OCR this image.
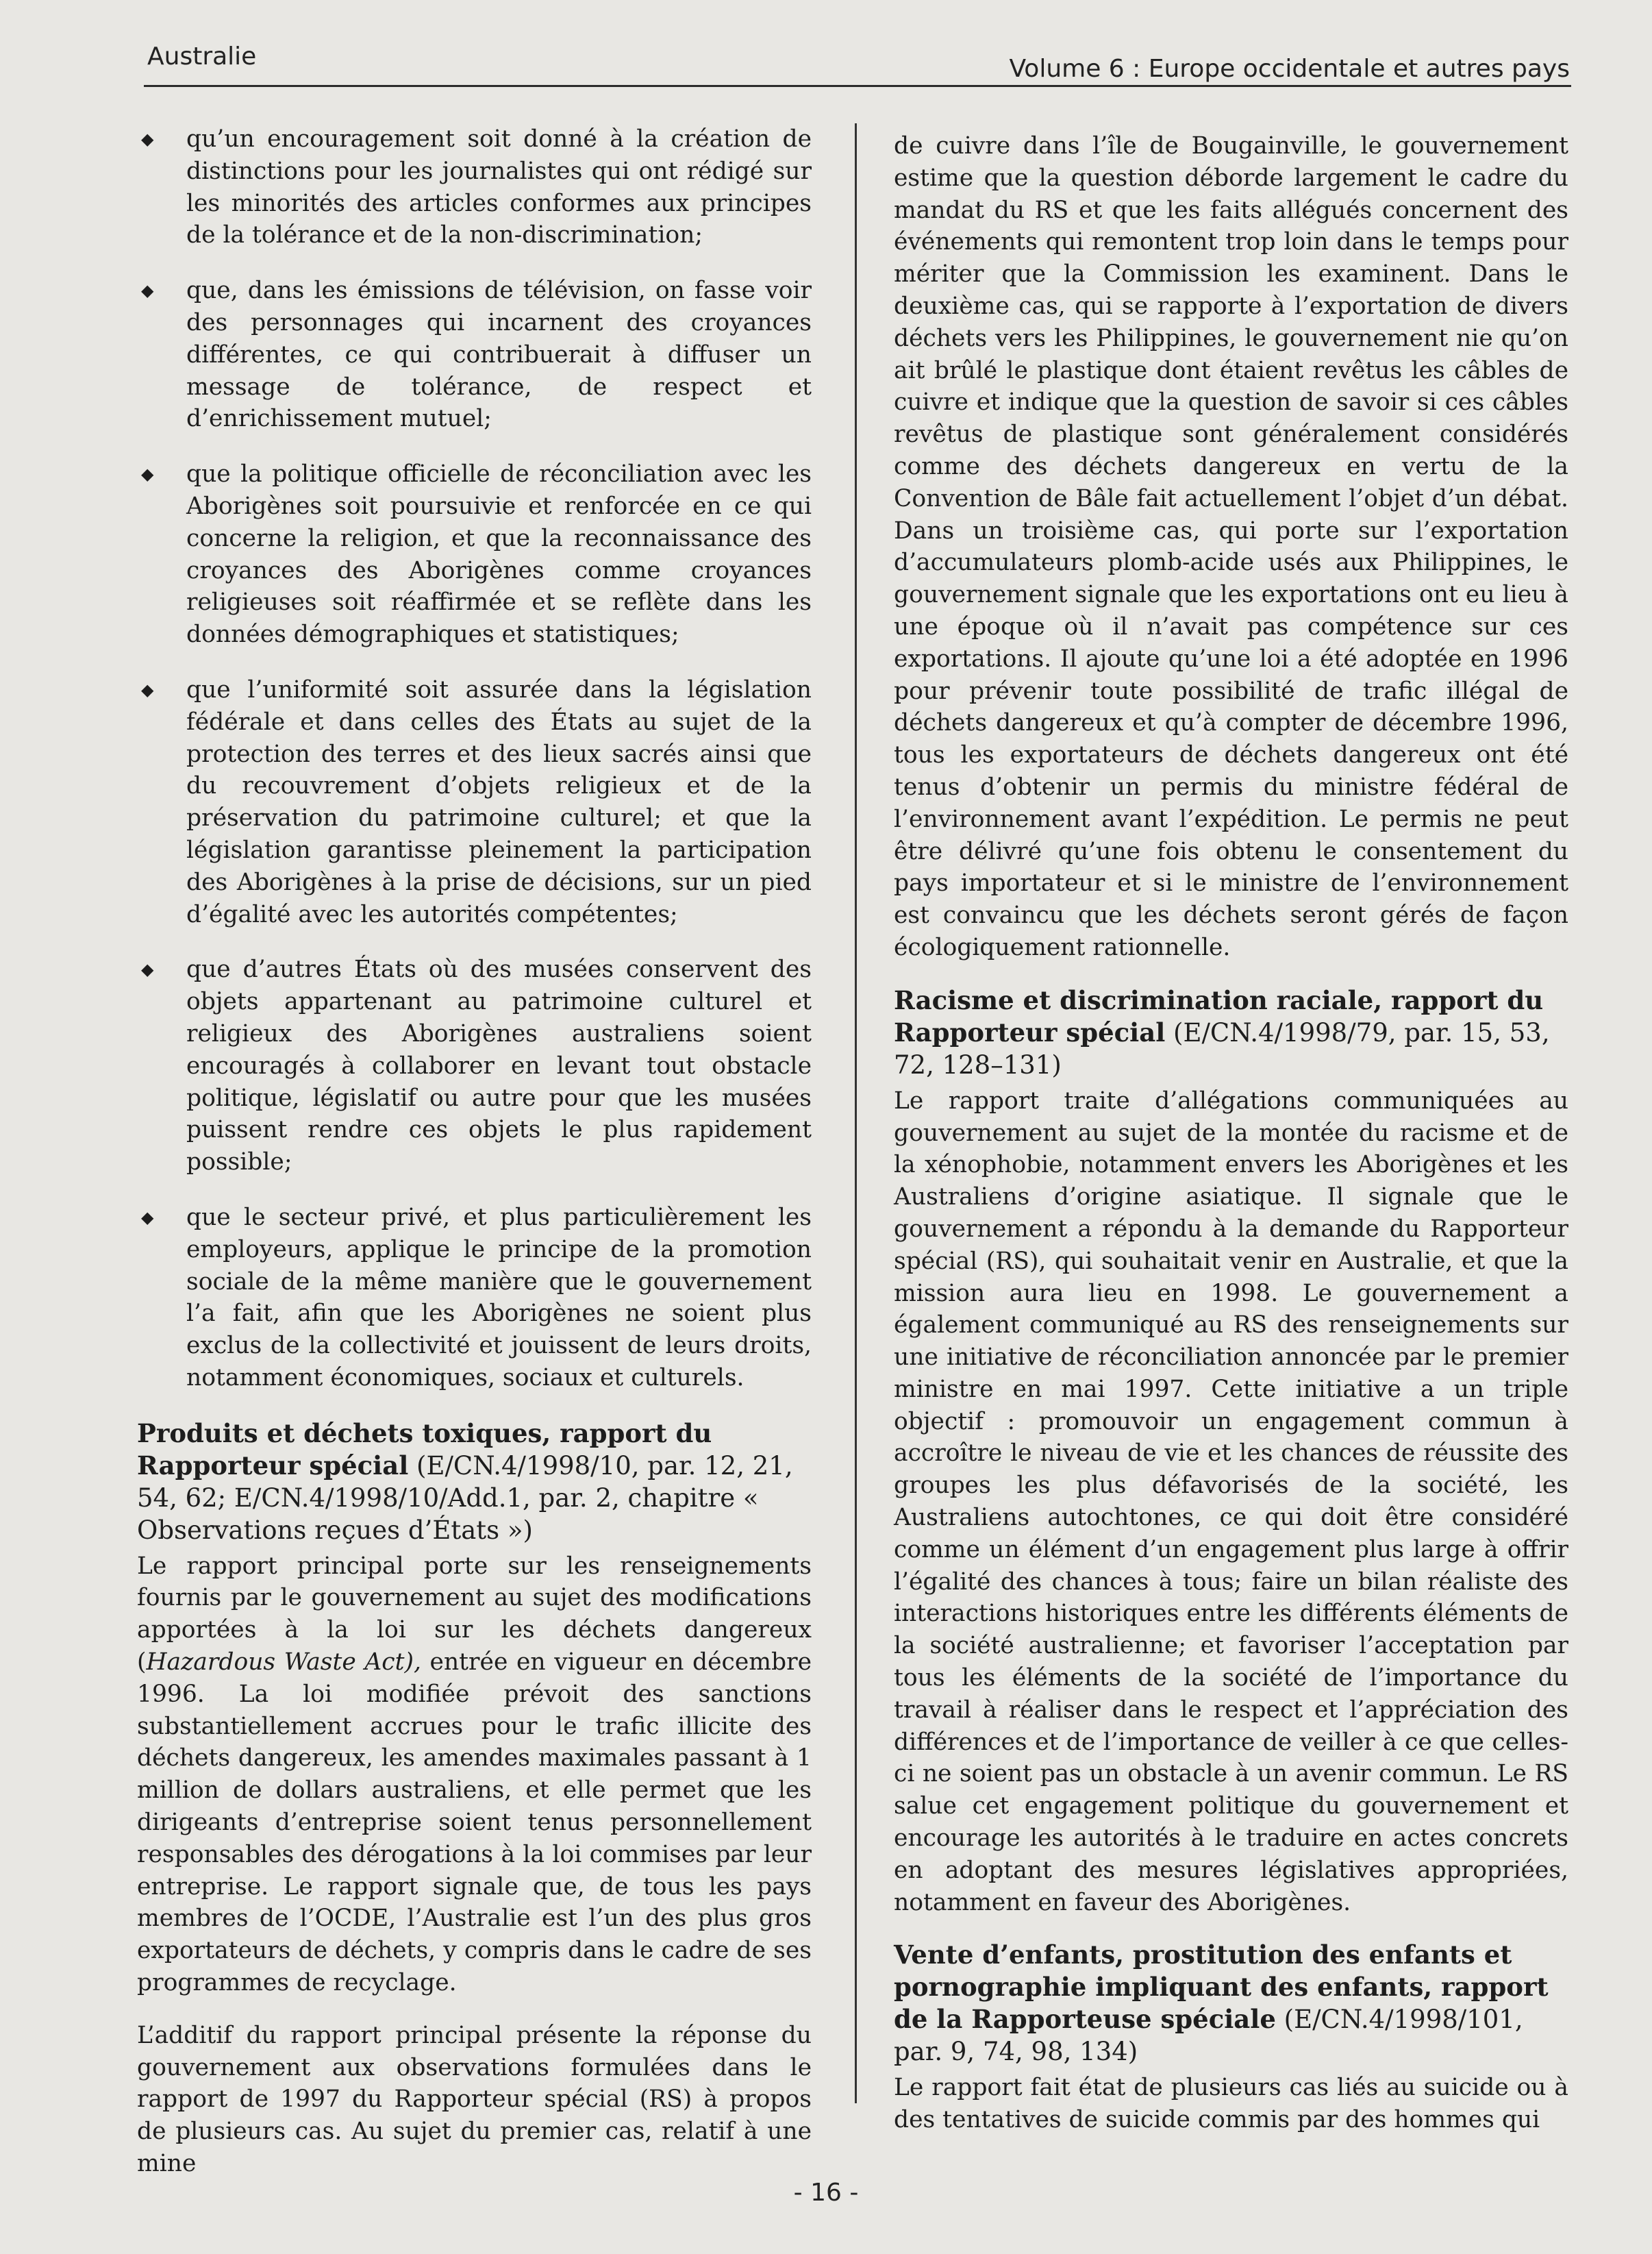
Australie	Volume 6 : Europe occidentale et autres pays
◆ qu’un encouragement soit donné à la création de distinctions pour les journalistes qui ont rédigé sur les minorités des articles conformes aux principes de la tolérance et de la non-discrimination;
◆ que, dans les émissions de télévision, on fasse voir des personnages qui incarnent des croyances différentes, ce qui contribuerait à diffuser un message de tolérance, de respect et d’enrichissement mutuel;
◆ que la politique officielle de réconciliation avec les Aborigènes soit poursuivie et renforcée en ce qui concerne la religion, et que la reconnaissance des croyances des Aborigènes comme croyances religieuses soit réaffirmée et se reflète dans les données démographiques et statistiques;
◆ que l’uniformité soit assurée dans la législation fédérale et dans celles des États au sujet de la protection des terres et des lieux sacrés ainsi que du recouvrement d’objets religieux et de la préservation du patrimoine culturel; et que la législation garantisse pleinement la participation des Aborigènes à la prise de décisions, sur un pied d’égalité avec les autorités compétentes;
◆ que d’autres États où des musées conservent des objets appartenant au patrimoine culturel et religieux des Aborigènes australiens soient encouragés à collaborer en levant tout obstacle politique, législatif ou autre pour que les musées puissent rendre ces objets le plus rapidement possible;
◆ que le secteur privé, et plus particulièrement les employeurs, applique le principe de la promotion sociale de la même manière que le gouvernement l’a fait, afin que les Aborigènes ne soient plus exclus de la collectivité et jouissent de leurs droits, notamment économiques, sociaux et culturels.
Produits et déchets toxiques, rapport du Rapporteur spécial (E/CN.4/1998/10, par. 12, 21, 54, 62; E/CN.4/1998/10/Add.1, par. 2, chapitre « Observations reçues d’États »)

Le rapport principal porte sur les renseignements fournis par le gouvernement au sujet des modifications apportées à la loi sur les déchets dangereux (Hazardous Waste Act), entrée en vigueur en décembre 1996. La loi modifiée prévoit des sanctions substantiellement accrues pour le trafic illicite des déchets dangereux, les amendes maximales passant à 1 million de dollars australiens, et elle permet que les dirigeants d’entreprise soient tenus personnellement responsables des dérogations à la loi commises par leur entreprise. Le rapport signale que, de tous les pays membres de l’OCDE, l’Australie est l’un des plus gros exportateurs de déchets, y compris dans le cadre de ses programmes de recyclage.

L’additif du rapport principal présente la réponse du gouvernement aux observations formulées dans le rapport de 1997 du Rapporteur spécial (RS) à propos de plusieurs cas. Au sujet du premier cas, relatif à une mine

de cuivre dans l’île de Bougainville, le gouvernement estime que la question déborde largement le cadre du mandat du RS et que les faits allégués concernent des événements qui remontent trop loin dans le temps pour mériter que la Commission les examinent. Dans le deuxième cas, qui se rapporte à l’exportation de divers déchets vers les Philippines, le gouvernement nie qu’on ait brûlé le plastique dont étaient revêtus les câbles de cuivre et indique que la question de savoir si ces câbles revêtus de plastique sont généralement considérés comme des déchets dangereux en vertu de la Convention de Bâle fait actuellement l’objet d’un débat. Dans un troisième cas, qui porte sur l’exportation d’accumulateurs plomb-acide usés aux Philippines, le gouvernement signale que les exportations ont eu lieu à une époque où il n’avait pas compétence sur ces exportations. Il ajoute qu’une loi a été adoptée en 1996 pour prévenir toute possibilité de trafic illégal de déchets dangereux et qu’à compter de décembre 1996, tous les exportateurs de déchets dangereux ont été tenus d’obtenir un permis du ministre fédéral de l’environnement avant l’expédition. Le permis ne peut être délivré qu’une fois obtenu le consentement du pays importateur et si le ministre de l’environnement est convaincu que les déchets seront gérés de façon écologiquement rationnelle.

Racisme et discrimination raciale, rapport du Rapporteur spécial (E/CN.4/1998/79, par. 15, 53, 72, 128–131)

Le rapport traite d’allégations communiquées au gouvernement au sujet de la montée du racisme et de la xénophobie, notamment envers les Aborigènes et les Australiens d’origine asiatique. Il signale que le gouvernement a répondu à la demande du Rapporteur spécial (RS), qui souhaitait venir en Australie, et que la mission aura lieu en 1998. Le gouvernement a également communiqué au RS des renseignements sur une initiative de réconciliation annoncée par le premier ministre en mai 1997. Cette initiative a un triple objectif : promouvoir un engagement commun à accroître le niveau de vie et les chances de réussite des groupes les plus défavorisés de la société, les Australiens autochtones, ce qui doit être considéré comme un élément d’un engagement plus large à offrir l’égalité des chances à tous; faire un bilan réaliste des interactions historiques entre les différents éléments de la société australienne; et favoriser l’acceptation par tous les éléments de la société de l’importance du travail à réaliser dans le respect et l’appréciation des différences et de l’importance de veiller à ce que celles-ci ne soient pas un obstacle à un avenir commun. Le RS salue cet engagement politique du gouvernement et encourage les autorités à le traduire en actes concrets en adoptant des mesures législatives appropriées, notamment en faveur des Aborigènes.

Vente d’enfants, prostitution des enfants et pornographie impliquant des enfants, rapport de la Rapporteuse spéciale (E/CN.4/1998/101, par. 9, 74, 98, 134)

Le rapport fait état de plusieurs cas liés au suicide ou à des tentatives de suicide commis par des hommes qui

- 16 -
